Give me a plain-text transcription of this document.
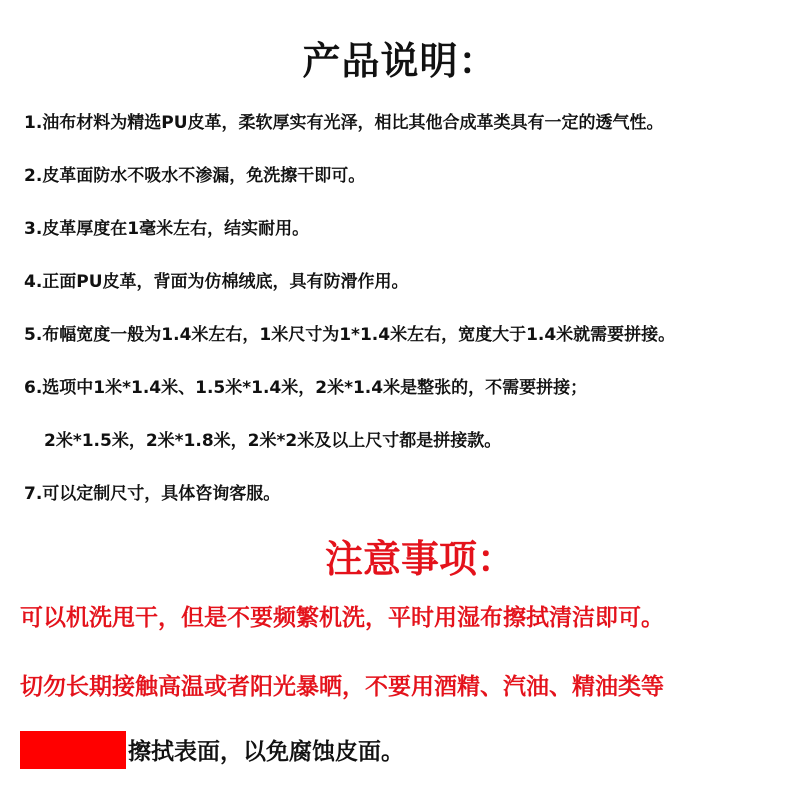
产品说明：
1.油布材料为精选PU皮革，柔软厚实有光泽，相比其他合成革类具有一定的透气性。
2.皮革面防水不吸水不渗漏，免洗擦干即可。
3.皮革厚度在1毫米左右，结实耐用。
4.正面PU皮革，背面为仿棉绒底，具有防滑作用。
5.布幅宽度一般为1.4米左右，1米尺寸为1*1.4米左右，宽度大于1.4米就需要拼接。
6.选项中1米*1.4米、1.5米*1.4米，2米*1.4米是整张的，不需要拼接；
2米*1.5米，2米*1.8米，2米*2米及以上尺寸都是拼接款。
7.可以定制尺寸，具体咨询客服。
注意事项：
可以机洗甩干，但是不要频繁机洗，平时用湿布擦拭清洁即可。
切勿长期接触高温或者阳光暴晒，不要用酒精、汽油、精油类等
擦拭表面，以免腐蚀皮面。
